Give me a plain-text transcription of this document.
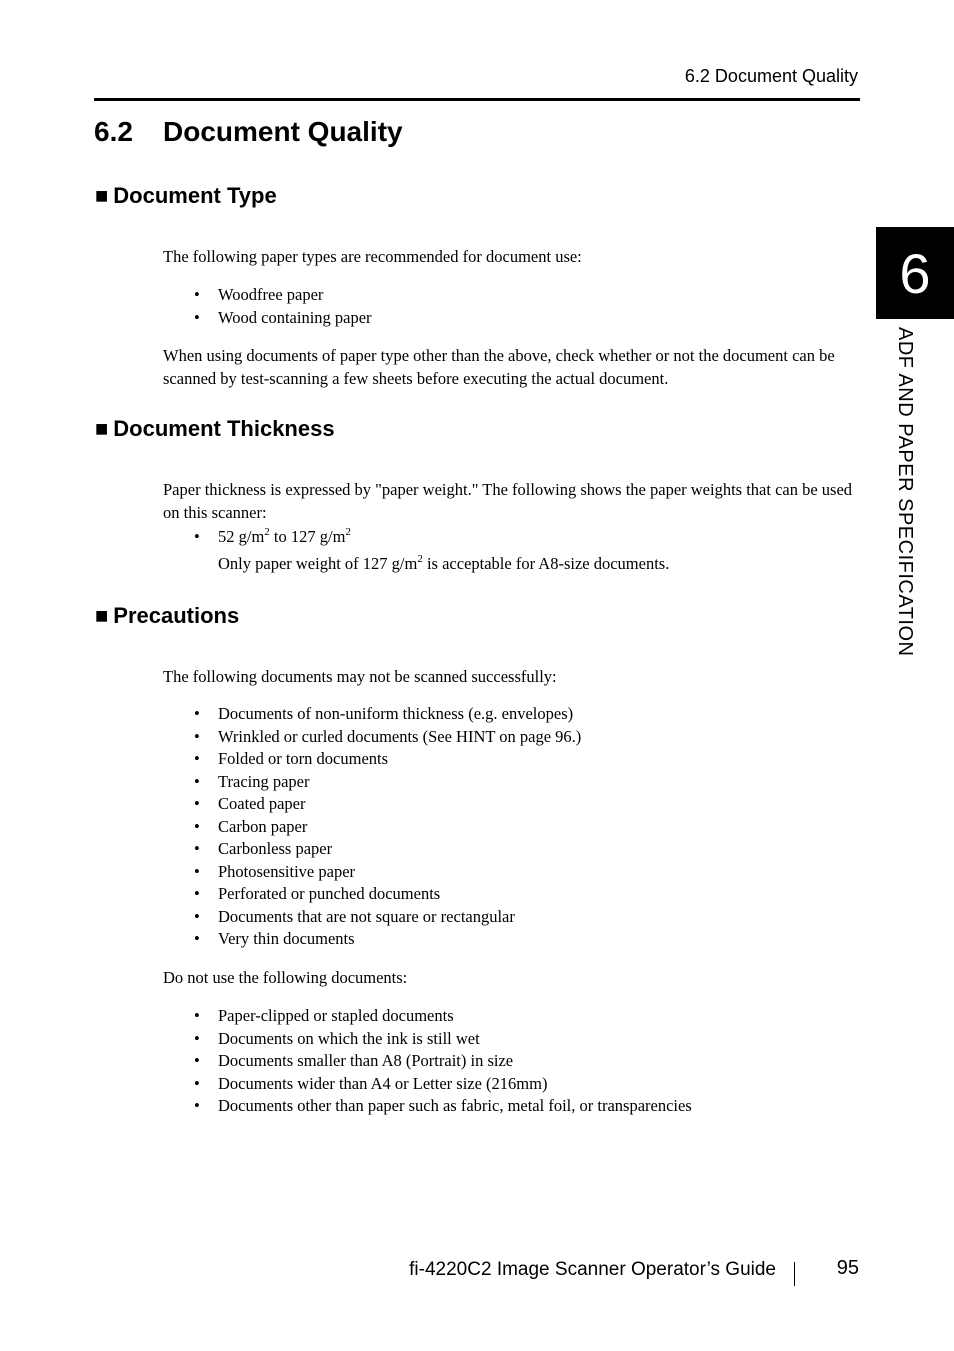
6.2 Document Quality
6.2 Document Quality
■ Document Type

The following paper types are recommended for document use:

• Woodfree paper
• Wood containing paper

When using documents of paper type other than the above, check whether or not the document can be scanned by test-scanning a few sheets before executing the actual document.

■ Document Thickness

Paper thickness is expressed by "paper weight." The following shows the paper weights that can be used on this scanner:

• 52 $g/m^2$ to 127 $g/m^2$

Only paper weight of 127 $g/m^2$ is acceptable for A8-size documents.

■ Precautions

The following documents may not be scanned successfully:

• Documents of non-uniform thickness (e.g. envelopes)
• Wrinkled or curled documents (See HINT on page 96.)
• Folded or torn documents
• Tracing paper
• Coated paper
• Carbon paper
• Carbonless paper
• Photosensitive paper
• Perforated or punched documents
• Documents that are not square or rectangular
• Very thin documents

Do not use the following documents:

• Paper-clipped or stapled documents
• Documents on which the ink is still wet
• Documents smaller than A8 (Portrait) in size
• Documents wider than A4 or Letter size (216mm)
• Documents other than paper such as fabric, metal foil, or transparencies
6
ADF AND PAPER SPECIFICATION
fi-4220C2 Image Scanner Operator’s Guide	95
